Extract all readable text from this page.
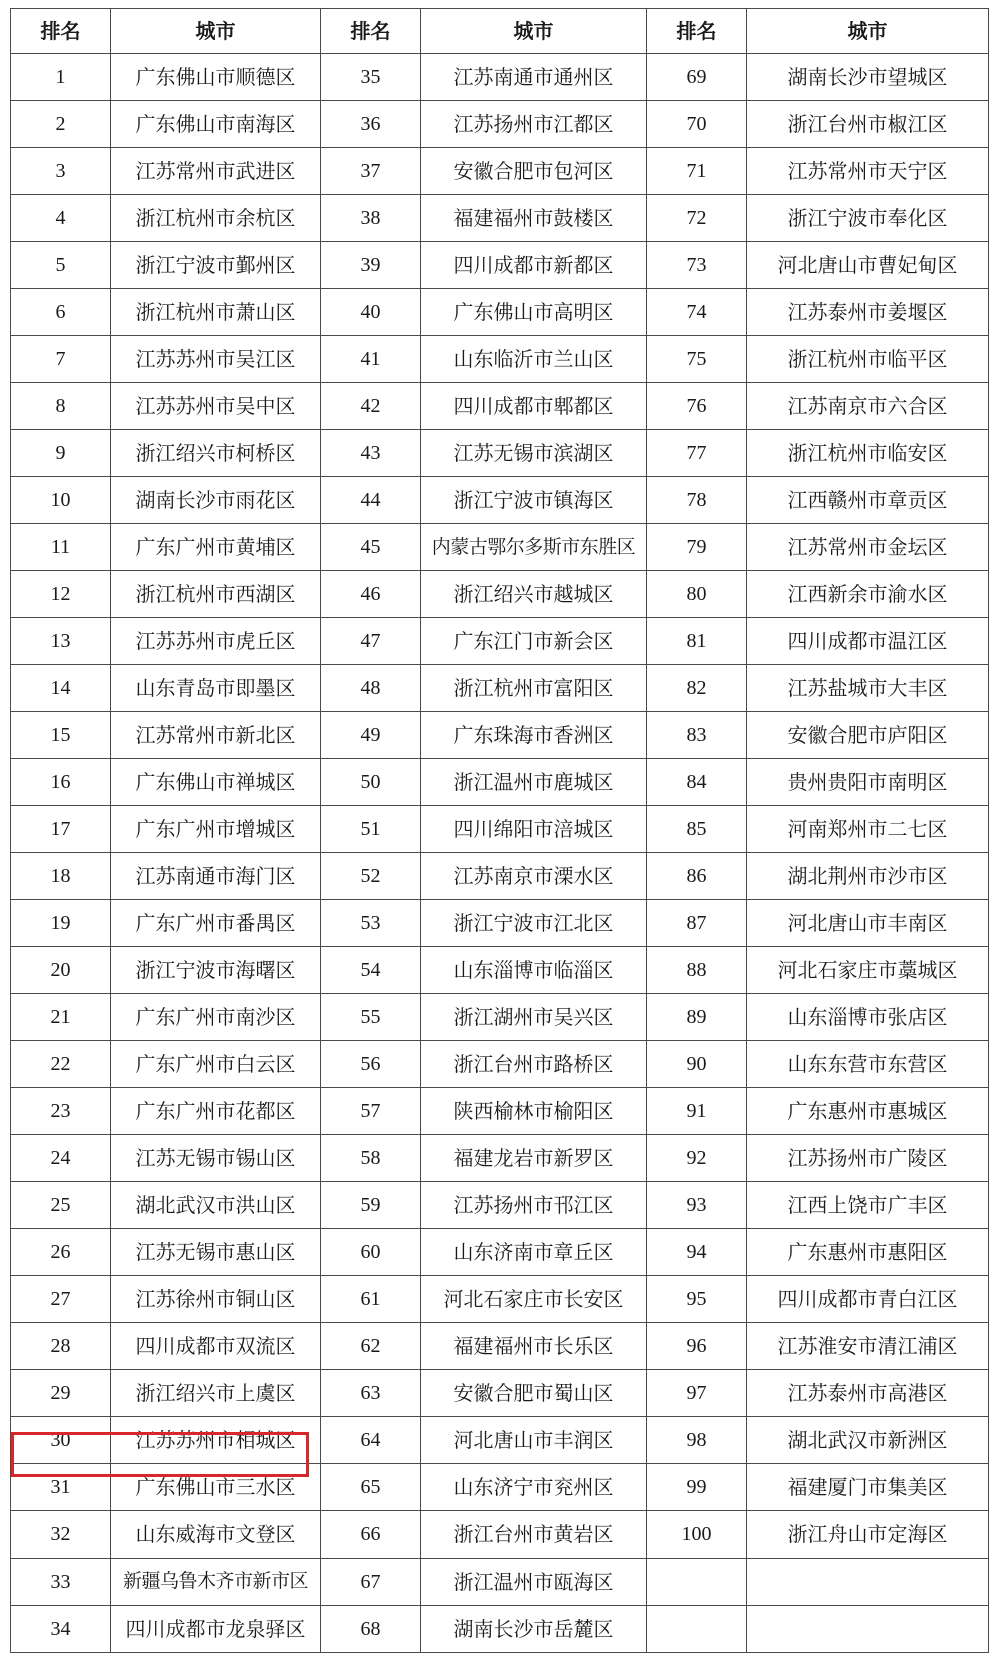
排名	城市	排名	城市	排名	城市
1	广东佛山市顺德区	35	江苏南通市通州区	69	湖南长沙市望城区
2	广东佛山市南海区	36	江苏扬州市江都区	70	浙江台州市椒江区
3	江苏常州市武进区	37	安徽合肥市包河区	71	江苏常州市天宁区
4	浙江杭州市余杭区	38	福建福州市鼓楼区	72	浙江宁波市奉化区
5	浙江宁波市鄞州区	39	四川成都市新都区	73	河北唐山市曹妃甸区
6	浙江杭州市萧山区	40	广东佛山市高明区	74	江苏泰州市姜堰区
7	江苏苏州市吴江区	41	山东临沂市兰山区	75	浙江杭州市临平区
8	江苏苏州市吴中区	42	四川成都市郫都区	76	江苏南京市六合区
9	浙江绍兴市柯桥区	43	江苏无锡市滨湖区	77	浙江杭州市临安区
10	湖南长沙市雨花区	44	浙江宁波市镇海区	78	江西赣州市章贡区
11	广东广州市黄埔区	45	内蒙古鄂尔多斯市东胜区	79	江苏常州市金坛区
12	浙江杭州市西湖区	46	浙江绍兴市越城区	80	江西新余市渝水区
13	江苏苏州市虎丘区	47	广东江门市新会区	81	四川成都市温江区
14	山东青岛市即墨区	48	浙江杭州市富阳区	82	江苏盐城市大丰区
15	江苏常州市新北区	49	广东珠海市香洲区	83	安徽合肥市庐阳区
16	广东佛山市禅城区	50	浙江温州市鹿城区	84	贵州贵阳市南明区
17	广东广州市增城区	51	四川绵阳市涪城区	85	河南郑州市二七区
18	江苏南通市海门区	52	江苏南京市溧水区	86	湖北荆州市沙市区
19	广东广州市番禺区	53	浙江宁波市江北区	87	河北唐山市丰南区
20	浙江宁波市海曙区	54	山东淄博市临淄区	88	河北石家庄市藁城区
21	广东广州市南沙区	55	浙江湖州市吴兴区	89	山东淄博市张店区
22	广东广州市白云区	56	浙江台州市路桥区	90	山东东营市东营区
23	广东广州市花都区	57	陕西榆林市榆阳区	91	广东惠州市惠城区
24	江苏无锡市锡山区	58	福建龙岩市新罗区	92	江苏扬州市广陵区
25	湖北武汉市洪山区	59	江苏扬州市邗江区	93	江西上饶市广丰区
26	江苏无锡市惠山区	60	山东济南市章丘区	94	广东惠州市惠阳区
27	江苏徐州市铜山区	61	河北石家庄市长安区	95	四川成都市青白江区
28	四川成都市双流区	62	福建福州市长乐区	96	江苏淮安市清江浦区
29	浙江绍兴市上虞区	63	安徽合肥市蜀山区	97	江苏泰州市高港区
30	江苏苏州市相城区	64	河北唐山市丰润区	98	湖北武汉市新洲区
31	广东佛山市三水区	65	山东济宁市兖州区	99	福建厦门市集美区
32	山东威海市文登区	66	浙江台州市黄岩区	100	浙江舟山市定海区
33	新疆乌鲁木齐市新市区	67	浙江温州市瓯海区		
34	四川成都市龙泉驿区	68	湖南长沙市岳麓区		
